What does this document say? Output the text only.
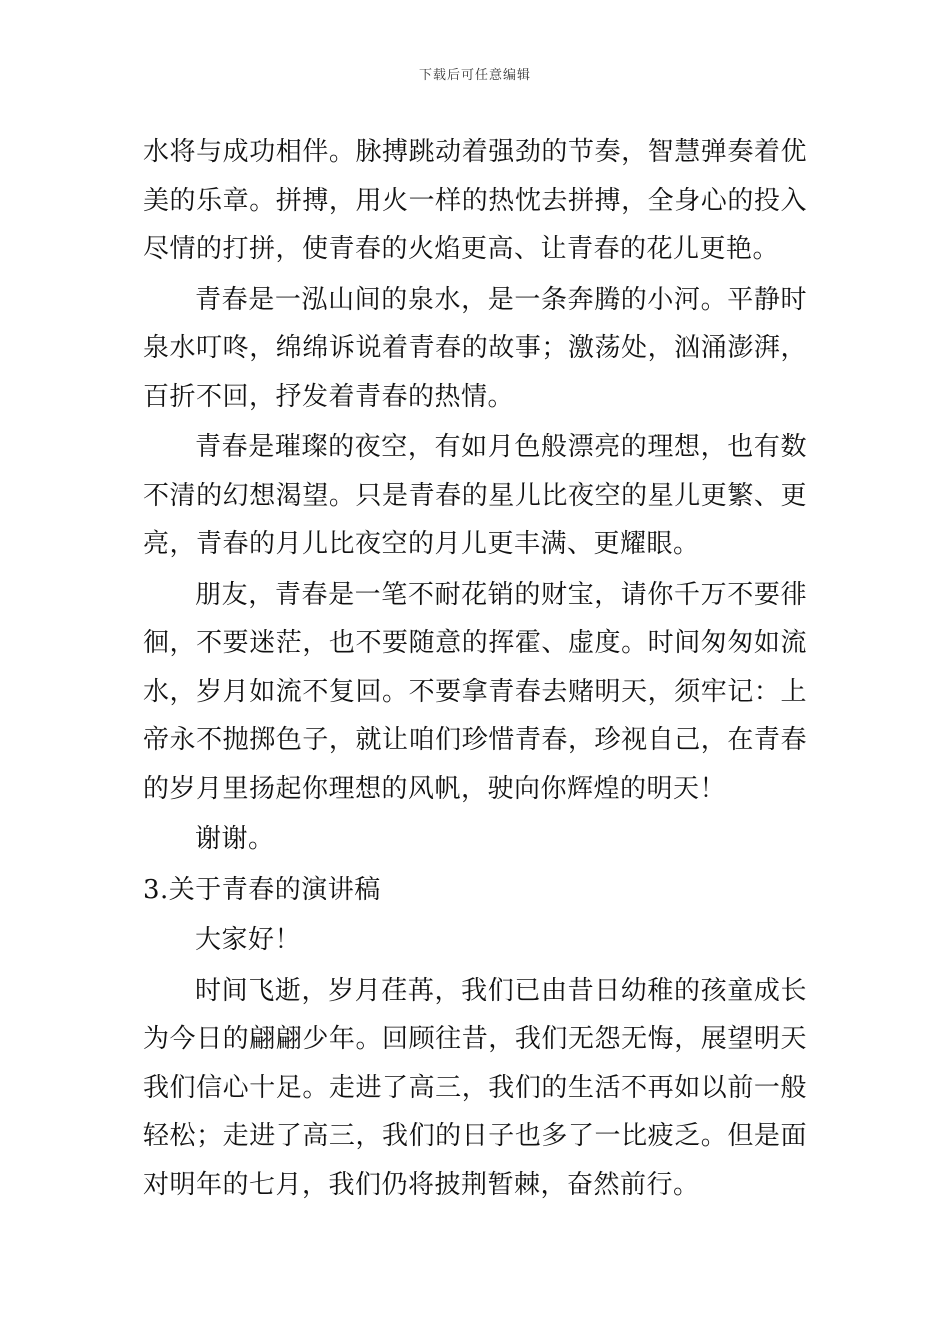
下载后可任意编辑

水将与成功相伴。脉搏跳动着强劲的节奏，智慧弹奏着优美的乐章。拼搏，用火一样的热忱去拼搏，全身心的投入尽情的打拼，使青春的火焰更高、让青春的花儿更艳。

青春是一泓山间的泉水，是一条奔腾的小河。平静时泉水叮咚，绵绵诉说着青春的故事；激荡处，汹涌澎湃，百折不回，抒发着青春的热情。

青春是璀璨的夜空，有如月色般漂亮的理想，也有数不清的幻想渴望。只是青春的星儿比夜空的星儿更繁、更亮，青春的月儿比夜空的月儿更丰满、更耀眼。

朋友，青春是一笔不耐花销的财宝，请你千万不要徘徊，不要迷茫，也不要随意的挥霍、虚度。时间匆匆如流水，岁月如流不复回。不要拿青春去赌明天，须牢记：上帝永不抛掷色子，就让咱们珍惜青春，珍视自己，在青春的岁月里扬起你理想的风帆，驶向你辉煌的明天！

谢谢。

3.关于青春的演讲稿

大家好！

时间飞逝，岁月荏苒，我们已由昔日幼稚的孩童成长为今日的翩翩少年。回顾往昔，我们无怨无悔，展望明天我们信心十足。走进了高三，我们的生活不再如以前一般轻松；走进了高三，我们的日子也多了一比疲乏。但是面对明年的七月，我们仍将披荆暂棘，奋然前行。
